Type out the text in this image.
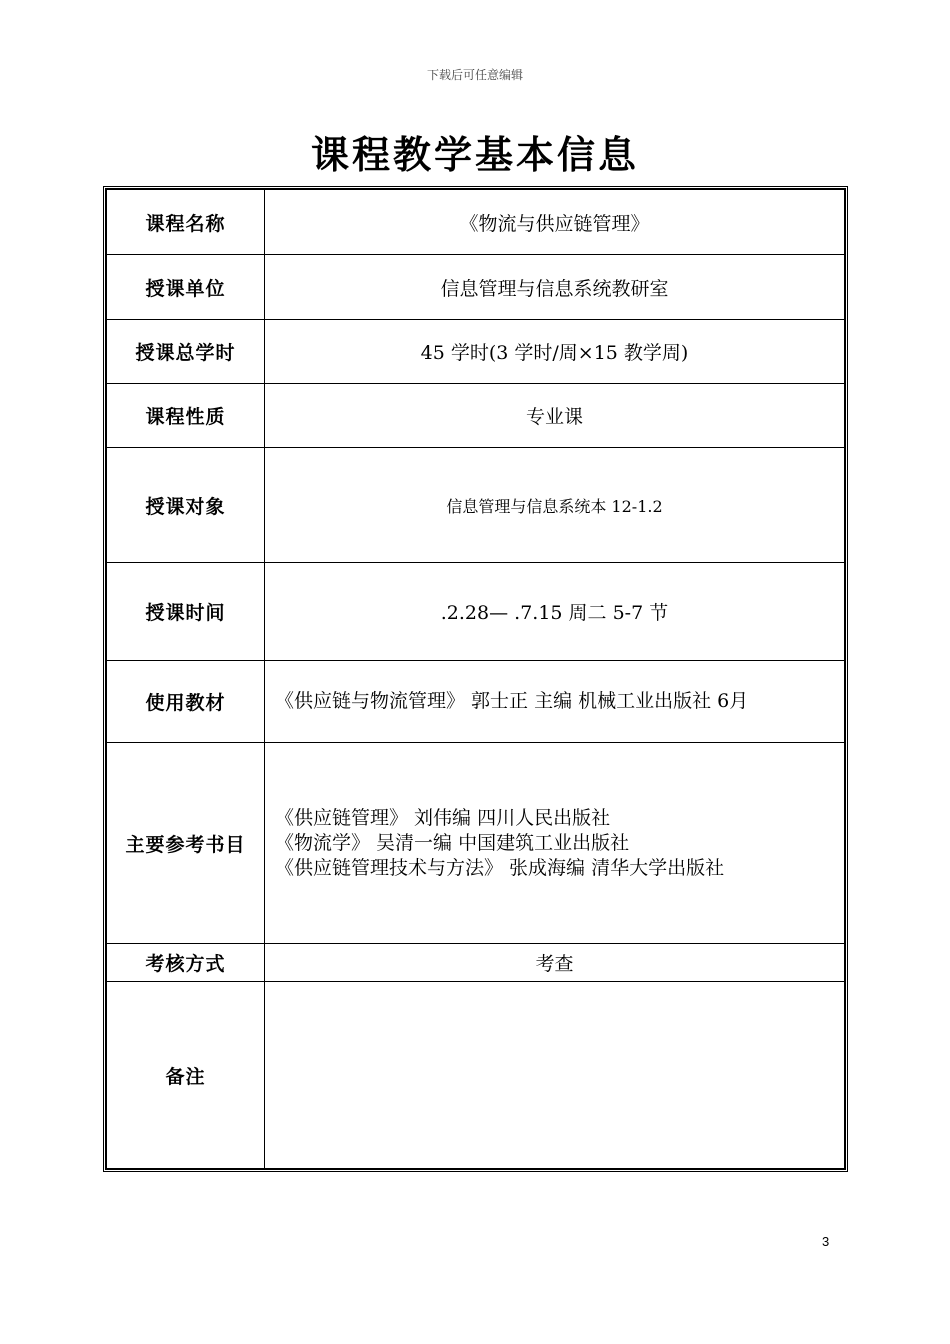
下载后可任意编辑
课程教学基本信息
课程名称	《物流与供应链管理》
授课单位	信息管理与信息系统教研室
授课总学时	45 学时(3 学时/周×15 教学周)
课程性质	专业课
授课对象	信息管理与信息系统本 12-1.2
授课时间	.2.28— .7.15 周二 5-7 节
使用教材	《供应链与物流管理》 郭士正 主编 机械工业出版社 6月
主要参考书目	《供应链管理》 刘伟编 四川人民出版社
《物流学》 吴清一编 中国建筑工业出版社
《供应链管理技术与方法》 张成海编 清华大学出版社

考核方式	考查
备注	
3
